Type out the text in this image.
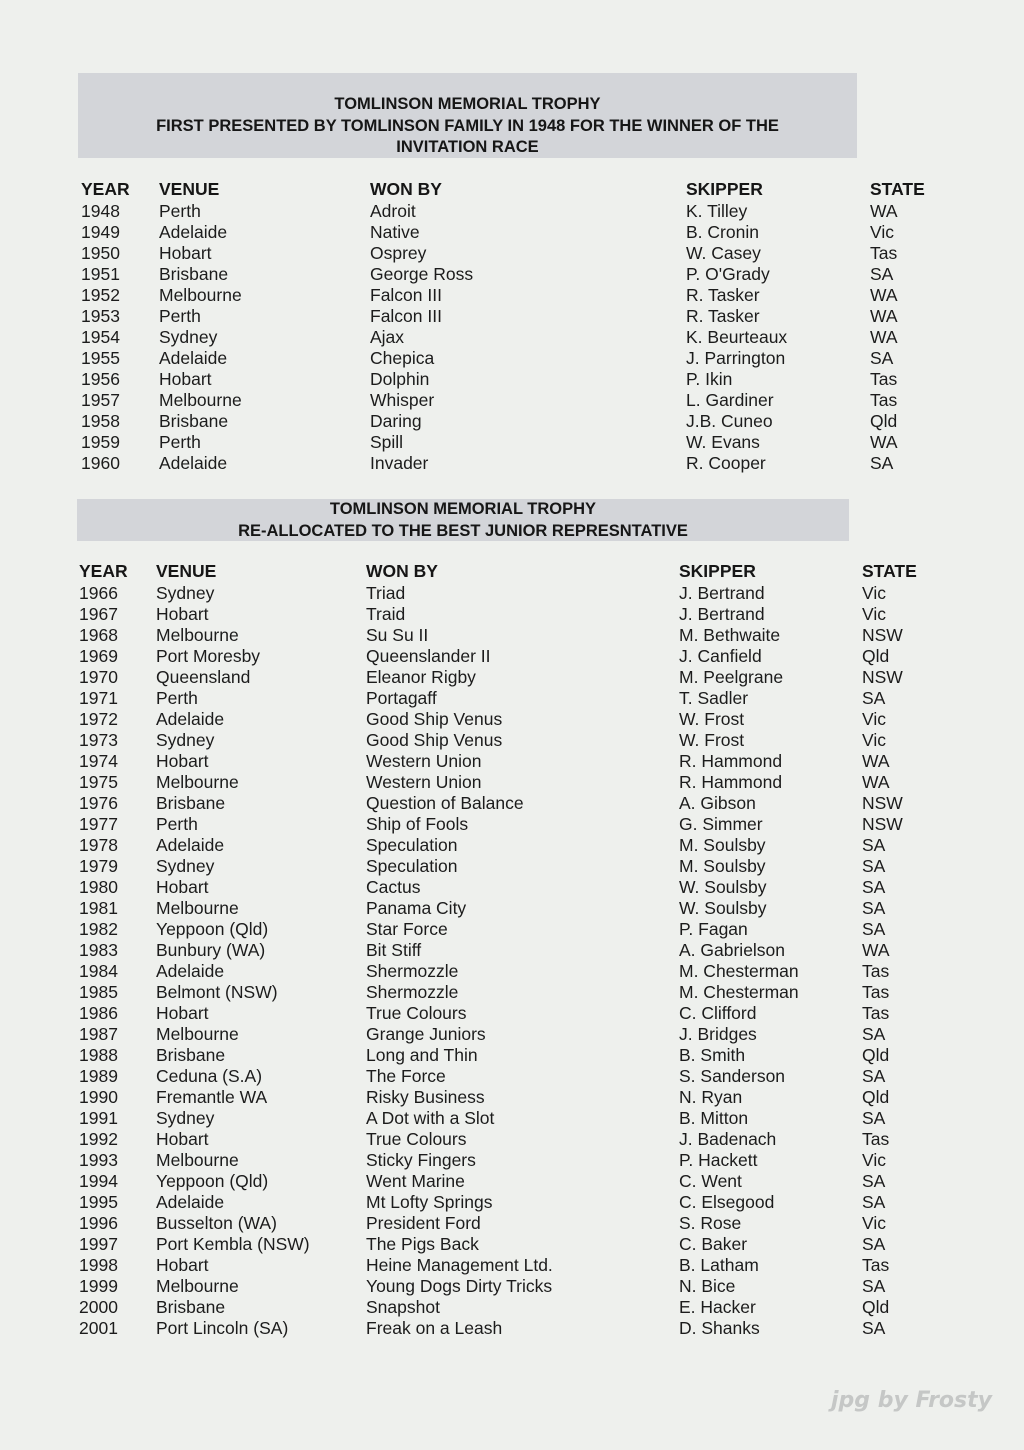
TOMLINSON MEMORIAL TROPHY
FIRST PRESENTED BY TOMLINSON FAMILY IN 1948 FOR THE WINNER OF THE
INVITATION RACE
YEAR VENUE	WON BY	SKIPPER	STATE
1948 Perth	Adroit	K. Tilley	WA
1949 Adelaide	Native	B. Cronin	Vic
1950 Hobart	Osprey	W. Casey	Tas
1951 Brisbane	George Ross	P. O'Grady	SA
1952 Melbourne	Falcon III	R. Tasker	WA
1953 Perth	Falcon III	R. Tasker	WA
1954 Sydney	Ajax	K. Beurteaux	WA
1955 Adelaide	Chepica	J. Parrington	SA
1956 Hobart	Dolphin	P. Ikin	Tas
1957 Melbourne	Whisper	L. Gardiner	Tas
1958 Brisbane	Daring	J.B. Cuneo	Qld
1959 Perth	Spill	W. Evans	WA
1960 Adelaide	Invader	R. Cooper	SA
TOMLINSON MEMORIAL TROPHY
RE-ALLOCATED TO THE BEST JUNIOR REPRESNTATIVE
YEAR VENUE	WON BY	SKIPPER	STATE
1966 Sydney	Triad	J. Bertrand	Vic
1967 Hobart	Traid	J. Bertrand	Vic
1968 Melbourne	Su Su II	M. Bethwaite	NSW
1969 Port Moresby	Queenslander II	J. Canfield	Qld
1970 Queensland	Eleanor Rigby	M. Peelgrane	NSW
1971 Perth	Portagaff	T. Sadler	SA
1972 Adelaide	Good Ship Venus	W. Frost	Vic
1973 Sydney	Good Ship Venus	W. Frost	Vic
1974 Hobart	Western Union	R. Hammond	WA
1975 Melbourne	Western Union	R. Hammond	WA
1976 Brisbane	Question of Balance	A. Gibson	NSW
1977 Perth	Ship of Fools	G. Simmer	NSW
1978 Adelaide	Speculation	M. Soulsby	SA
1979 Sydney	Speculation	M. Soulsby	SA
1980 Hobart	Cactus	W. Soulsby	SA
1981 Melbourne	Panama City	W. Soulsby	SA
1982 Yeppoon (Qld)	Star Force	P. Fagan	SA
1983 Bunbury (WA)	Bit Stiff	A. Gabrielson	WA
1984 Adelaide	Shermozzle	M. Chesterman	Tas
1985 Belmont (NSW)	Shermozzle	M. Chesterman	Tas
1986 Hobart	True Colours	C. Clifford	Tas
1987 Melbourne	Grange Juniors	J. Bridges	SA
1988 Brisbane	Long and Thin	B. Smith	Qld
1989 Ceduna (S.A)	The Force	S. Sanderson	SA
1990 Fremantle WA	Risky Business	N. Ryan	Qld
1991 Sydney	A Dot with a Slot	B. Mitton	SA
1992 Hobart	True Colours	J. Badenach	Tas
1993 Melbourne	Sticky Fingers	P. Hackett	Vic
1994 Yeppoon (Qld)	Went Marine	C. Went	SA
1995 Adelaide	Mt Lofty Springs	C. Elsegood	SA
1996 Busselton (WA)	President Ford	S. Rose	Vic
1997 Port Kembla (NSW)	The Pigs Back	C. Baker	SA
1998 Hobart	Heine Management Ltd.	B. Latham	Tas
1999 Melbourne	Young Dogs Dirty Tricks	N. Bice	SA
2000 Brisbane	Snapshot	E. Hacker	Qld
2001 Port Lincoln (SA)	Freak on a Leash	D. Shanks	SA
jpg by Frosty
